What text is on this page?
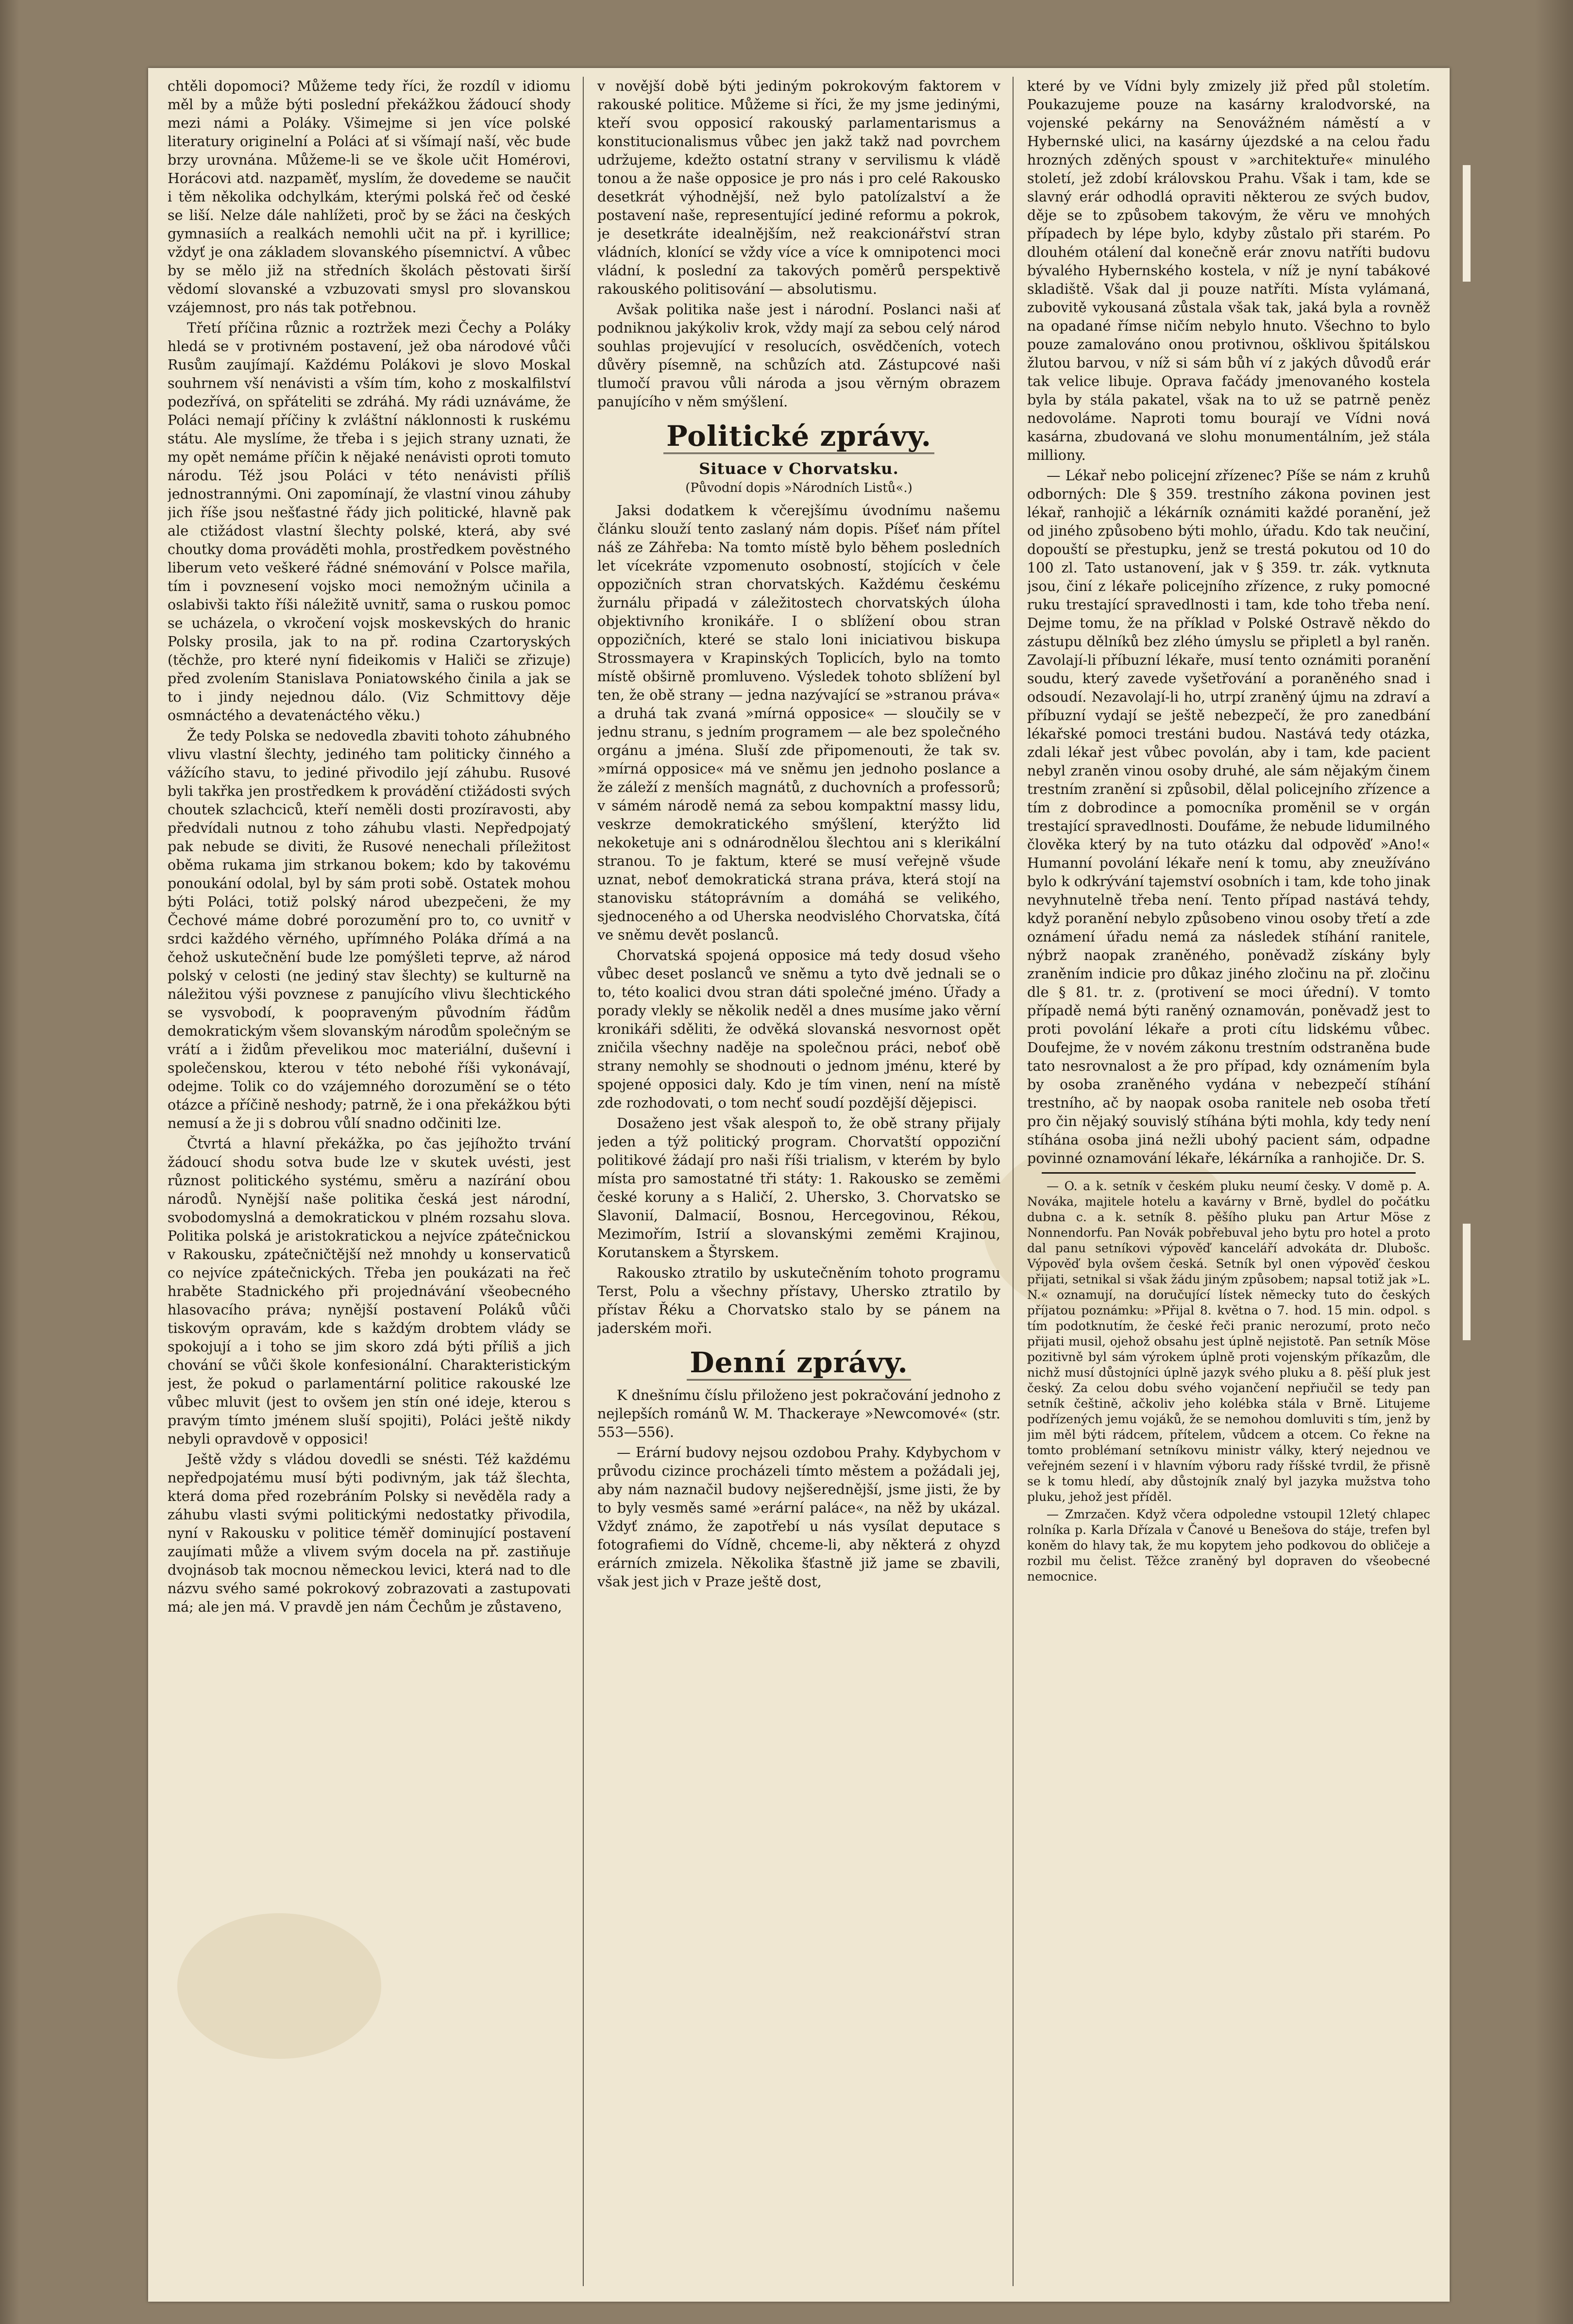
chtěli dopomoci? Můžeme tedy říci, že rozdíl v idiomu měl by a může býti poslední překážkou žádoucí shody mezi námi a Poláky. Všimejme si jen více polské literatury originelní a Poláci ať si všímají naší, věc bude brzy urovnána. Můžeme-li se ve škole učit Homérovi, Horácovi atd. nazpaměť, myslím, že dovedeme se naučit i těm několika odchylkám, kterými polská řeč od české se liší. Nelze dále nahlížeti, proč by se žáci na českých gymnasiích a realkách nemohli učit na př. i kyrillice; vždyť je ona základem slovanského písemnictví. A vůbec by se mělo již na středních školách pěstovati širší vědomí slovanské a vzbuzovati smysl pro slovanskou vzájemnost, pro nás tak potřebnou.

Třetí příčina různic a roztržek mezi Čechy a Poláky hledá se v protivném postavení, jež oba národové vůči Rusům zaujímají. Každému Polákovi je slovo Moskal souhrnem vší nenávisti a vším tím, koho z moskalfilství podezřívá, on spřáteliti se zdráhá. My rádi uznáváme, že Poláci nemají příčiny k zvláštní náklonnosti k ruskému státu. Ale myslíme, že třeba i s jejich strany uznati, že my opět nemáme příčin k nějaké nenávisti oproti tomuto národu. Též jsou Poláci v této nenávisti příliš jednostrannými. Oni zapomínají, že vlastní vinou záhuby jich říše jsou nešťastné řády jich politické, hlavně pak ale ctižádost vlastní šlechty polské, která, aby své choutky doma prováděti mohla, prostředkem pověstného liberum veto veškeré řádné snémování v Polsce mařila, tím i povznesení vojsko moci nemožným učinila a oslabivši takto říši náležitě uvnitř, sama o ruskou pomoc se ucházela, o vkročení vojsk moskevských do hranic Polsky prosila, jak to na př. rodina Czartoryských (těchže, pro které nyní fideikomis v Haliči se zřizuje) před zvolením Stanislava Poniatowského činila a jak se to i jindy nejednou dálo. (Viz Schmittovy děje osmnáctého a devatenáctého věku.)

Že tedy Polska se nedovedla zbaviti tohoto záhubného vlivu vlastní šlechty, jediného tam politicky činného a vážícího stavu, to jediné přivodilo její záhubu. Rusové byli takřka jen prostředkem k provádění ctižádosti svých choutek szlachciců, kteří neměli dosti prozíravosti, aby předvídali nutnou z toho záhubu vlasti. Nepředpojatý pak nebude se diviti, že Rusové nenechali příležitost oběma rukama jim strkanou bokem; kdo by takovému ponoukání odolal, byl by sám proti sobě. Ostatek mohou býti Poláci, totiž polský národ ubezpečeni, že my Čechové máme dobré porozumění pro to, co uvnitř v srdci každého věrného, upřímného Poláka dřímá a na čehož uskutečnění bude lze pomýšleti teprve, až národ polský v celosti (ne jediný stav šlechty) se kulturně na náležitou výši povznese z panujícího vlivu šlechtického se vysvobodí, k poopraveným původním řádům demokratickým všem slovanským národům společným se vrátí a i židům převelikou moc materiální, duševní i společenskou, kterou v této nebohé říši vykonávají, odejme. Tolik co do vzájemného dorozumění se o této otázce a příčině neshody; patrně, že i ona překážkou býti nemusí a že ji s dobrou vůlí snadno odčiniti lze.

Čtvrtá a hlavní překážka, po čas jejíhožto trvání žádoucí shodu sotva bude lze v skutek uvésti, jest různost politického systému, směru a nazírání obou národů. Nynější naše politika česká jest národní, svobodomyslná a demokratickou v plném rozsahu slova. Politika polská je aristokratickou a nejvíce zpátečnickou v Rakousku, zpátečničtější než mnohdy u konservaticů co nejvíce zpátečnických. Třeba jen poukázati na řeč hraběte Stadnického při projednávání všeobecného hlasovacího práva; nynější postavení Poláků vůči tiskovým opravám, kde s každým drobtem vlády se spokojují a i toho se jim skoro zdá býti příliš a jich chování se vůči škole konfesionální. Charakteristickým jest, že pokud o parlamentární politice rakouské lze vůbec mluvit (jest to ovšem jen stín oné ideje, kterou s pravým tímto jménem sluší spojiti), Poláci ještě nikdy nebyli opravdově v opposici!

Ještě vždy s vládou dovedli se snésti. Též každému nepředpojatému musí býti podivným, jak táž šlechta, která doma před rozebráním Polsky si nevěděla rady a záhubu vlasti svými politickými nedostatky přivodila, nyní v Rakousku v politice téměř dominující postavení zaujímati může a vlivem svým docela na př. zastiňuje dvojnásob tak mocnou německou levici, která nad to dle názvu svého samé pokrokový zobrazovati a zastupovati má; ale jen má. V pravdě jen nám Čechům je zůstaveno,

v novější době býti jediným pokrokovým faktorem v rakouské politice. Můžeme si říci, že my jsme jedinými, kteří svou opposicí rakouský parlamentarismus a konstitucionalismus vůbec jen jakž takž nad povrchem udržujeme, kdežto ostatní strany v servilismu k vládě tonou a že naše opposice je pro nás i pro celé Rakousko desetkrát výhodnější, než bylo patolízalství a že postavení naše, representující jediné reformu a pokrok, je desetkráte idealnějším, než reakcionářství stran vládních, klonící se vždy více a více k omnipotenci moci vládní, k poslední za takových poměrů perspektivě rakouského politisování — absolutismu.

Avšak politika naše jest i národní. Poslanci naši ať podniknou jakýkoliv krok, vždy mají za sebou celý národ souhlas projevující v resolucích, osvědčeních, votech důvěry písemně, na schůzích atd. Zástupcové naši tlumočí pravou vůli národa a jsou věrným obrazem panujícího v něm smýšlení.

Politické zprávy.
Situace v Chorvatsku.
(Původní dopis »Národních Listů«.)

Jaksi dodatkem k včerejšímu úvodnímu našemu článku slouží tento zaslaný nám dopis. Píšeť nám přítel náš ze Záhřeba: Na tomto místě bylo během posledních let vícekráte vzpomenuto osobností, stojících v čele oppozičních stran chorvatských. Každému českému žurnálu připadá v záležitostech chorvatských úloha objektivního kronikáře. I o sblížení obou stran oppozičních, které se stalo loni iniciativou biskupa Strossmayera v Krapinských Toplicích, bylo na tomto místě obširně promluveno. Výsledek tohoto sblížení byl ten, že obě strany — jedna nazývající se »stranou práva« a druhá tak zvaná »mírná opposice« — sloučily se v jednu stranu, s jedním programem — ale bez společného orgánu a jména. Sluší zde připomenouti, že tak sv. »mírná opposice« má ve sněmu jen jednoho poslance a že záleží z menších magnátů, z duchovních a professorů; v sámém národě nemá za sebou kompaktní massy lidu, veskrze demokratického smýšlení, kterýžto lid nekoketuje ani s odnárodnělou šlechtou ani s klerikální stranou. To je faktum, které se musí veřejně všude uznat, neboť demokratická strana práva, která stojí na stanovisku státoprávním a domáhá se velikého, sjednoceného a od Uherska neodvislého Chorvatska, čítá ve sněmu devět poslanců.

Chorvatská spojená opposice má tedy dosud všeho vůbec deset poslanců ve sněmu a tyto dvě jednali se o to, této koalici dvou stran dáti společné jméno. Úřady a porady vlekly se několik neděl a dnes musíme jako věrní kronikáři sděliti, že odvěká slovanská nesvornost opět zničila všechny naděje na společnou práci, neboť obě strany nemohly se shodnouti o jednom jménu, které by spojené opposici daly. Kdo je tím vinen, není na místě zde rozhodovati, o tom nechť soudí pozdější dějepisci.

Dosaženo jest však alespoň to, že obě strany přijaly jeden a týž politický program. Chorvatští oppoziční politikové žádají pro naši říši trialism, v kterém by bylo místa pro samostatné tři státy: 1. Rakousko se zeměmi české koruny a s Haličí, 2. Uhersko, 3. Chorvatsko se Slavonií, Dalmacií, Bosnou, Hercegovinou, Rékou, Mezimořím, Istrií a slovanskými zeměmi Krajinou, Korutanskem a Štyrskem.

Rakousko ztratilo by uskutečněním tohoto programu Terst, Polu a všechny přístavy, Uhersko ztratilo by přístav Řéku a Chorvatsko stalo by se pánem na jaderském moři.

Denní zprávy.

K dnešnímu číslu přiloženo jest pokračování jednoho z nejlepších románů W. M. Thackeraye »Newcomové« (str. 553—556).

— Erární budovy nejsou ozdobou Prahy. Kdybychom v průvodu cizince procházeli tímto městem a požádali jej, aby nám naznačil budovy nejšerednější, jsme jisti, že by to byly vesměs samé »erární paláce«, na něž by ukázal. Vždyť známo, že zapotřebí u nás vysílat deputace s fotografiemi do Vídně, chceme-li, aby některá z ohyzd erárních zmizela. Několika šťastně již jame se zbavili, však jest jich v Praze ještě dost,

které by ve Vídni byly zmizely již před půl stoletím. Poukazujeme pouze na kasárny kralodvorské, na vojenské pekárny na Senovážném náměstí a v Hybernské ulici, na kasárny újezdské a na celou řadu hrozných zděných spoust v »architektuře« minulého století, jež zdobí královskou Prahu. Však i tam, kde se slavný erár odhodlá opraviti některou ze svých budov, děje se to způsobem takovým, že věru ve mnohých případech by lépe bylo, kdyby zůstalo při starém. Po dlouhém otálení dal konečně erár znovu natříti budovu bývalého Hybernského kostela, v níž je nyní tabákové skladiště. Však dal ji pouze natříti. Místa vylámaná, zubovitě vykousaná zůstala však tak, jaká byla a rovněž na opadané římse ničím nebylo hnuto. Všechno to bylo pouze zamalováno onou protivnou, ošklivou špitálskou žlutou barvou, v níž si sám bůh ví z jakých důvodů erár tak velice libuje. Oprava fačády jmenovaného kostela byla by stála pakatel, však na to už se patrně peněz nedovoláme. Naproti tomu bourají ve Vídni nová kasárna, zbudovaná ve slohu monumentálním, jež stála milliony.

— Lékař nebo policejní zřízenec? Píše se nám z kruhů odborných: Dle § 359. trestního zákona povinen jest lékař, ranhojič a lékárník oznámiti každé poranění, jež od jiného způsobeno býti mohlo, úřadu. Kdo tak neučiní, dopouští se přestupku, jenž se trestá pokutou od 10 do 100 zl. Tato ustanovení, jak v § 359. tr. zák. vytknuta jsou, činí z lékaře policejního zřízence, z ruky pomocné ruku trestající spravedlnosti i tam, kde toho třeba není. Dejme tomu, že na příklad v Polské Ostravě někdo do zástupu dělníků bez zlého úmyslu se připletl a byl raněn. Zavolají-li příbuzní lékaře, musí tento oznámiti poranění soudu, který zavede vyšetřování a poraněného snad i odsoudí. Nezavolají-li ho, utrpí zraněný újmu na zdraví a příbuzní vydají se ještě nebezpečí, že pro zanedbání lékařské pomoci trestáni budou. Nastává tedy otázka, zdali lékař jest vůbec povolán, aby i tam, kde pacient nebyl zraněn vinou osoby druhé, ale sám nějakým činem trestním zranění si způsobil, dělal policejního zřízence a tím z dobrodince a pomocníka proměnil se v orgán trestající spravedlnosti. Doufáme, že nebude lidumilného člověka který by na tuto otázku dal odpověď »Ano!« Humanní povolání lékaře není k tomu, aby zneužíváno bylo k odkrývání tajemství osobních i tam, kde toho jinak nevyhnutelně třeba není. Tento případ nastává tehdy, když poranění nebylo způsobeno vinou osoby třetí a zde oznámení úřadu nemá za následek stíhání ranitele, nýbrž naopak zraněného, poněvadž získány byly zraněním indicie pro důkaz jiného zločinu na př. zločinu dle § 81. tr. z. (protivení se moci úřední). V tomto případě nemá býti raněný oznamován, poněvadž jest to proti povolání lékaře a proti cítu lidskému vůbec. Doufejme, že v novém zákonu trestním odstraněna bude tato nesrovnalost a že pro případ, kdy oznámením byla by osoba zraněného vydána v nebezpečí stíhání trestního, ač by naopak osoba ranitele neb osoba třetí pro čin nějaký souvislý stíhána býti mohla, kdy tedy není stíhána osoba jiná nežli ubohý pacient sám, odpadne povinné oznamování lékaře, lékárníka a ranhojiče. Dr. S.

— O. a k. setník v českém pluku neumí česky. V domě p. A. Nováka, majitele hotelu a kavárny v Brně, bydlel do počátku dubna c. a k. setník 8. pěšího pluku pan Artur Möse z Nonnendorfu. Pan Novák pobřebuval jeho bytu pro hotel a proto dal panu setníkovi výpověď kanceláří advokáta dr. Dlubošc. Výpověď byla ovšem česká. Setník byl onen výpověď českou přijati, setnikal si však žádu jiným způsobem; napsal totiž jak »L. N.« oznamují, na doručující lístek německy tuto do českých příjatou poznámku: »Přijal 8. května o 7. hod. 15 min. odpol. s tím podotknutím, že české řeči pranic nerozumí, proto nečo přijati musil, ojehož obsahu jest úplně nejistotě. Pan setník Möse pozitivně byl sám výrokem úplně proti vojenským příkazům, dle nichž musí důstojníci úplně jazyk svého pluku a 8. pěší pluk jest český. Za celou dobu svého vojančení nepřiučil se tedy pan setník češtině, ačkoliv jeho kolébka stála v Brně. Litujeme podřízených jemu vojáků, že se nemohou domluviti s tím, jenž by jim měl býti rádcem, přítelem, vůdcem a otcem. Co řekne na tomto problémaní setníkovu ministr války, který nejednou ve veřejném sezení i v hlavním výboru rady říšské tvrdil, že přisně se k tomu hledí, aby důstojník znalý byl jazyka mužstva toho pluku, jehož jest příděl.

— Zmrzačen. Když včera odpoledne vstoupil 12letý chlapec rolníka p. Karla Dřízala v Čanové u Benešova do stáje, trefen byl koněm do hlavy tak, že mu kopytem jeho podkovou do obličeje a rozbil mu čelist. Těžce zraněný byl dopraven do všeobecné nemocnice.
